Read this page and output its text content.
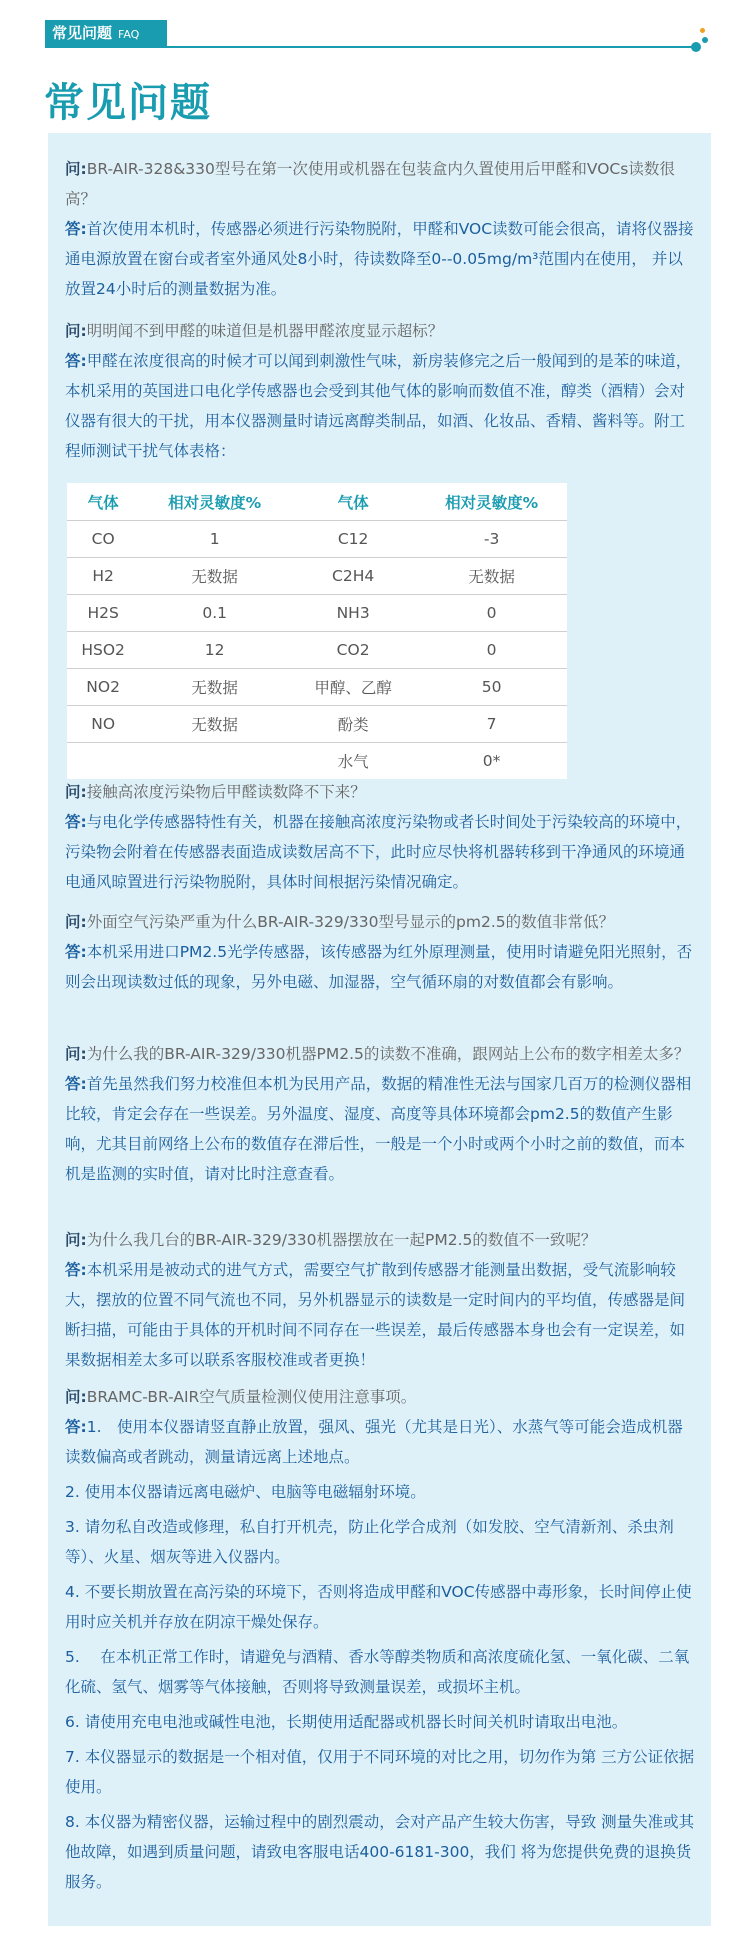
常见问题 FAQ
常见问题
问:BR-AIR-328&330型号在第一次使用或机器在包装盒内久置使用后甲醛和VOCs读数很高？
答:首次使用本机时，传感器必须进行污染物脱附，甲醛和VOC读数可能会很高，请将仪器接通电源放置在窗台或者室外通风处8小时，待读数降至0--0.05mg/m³范围内在使用， 并以放置24小时后的测量数据为准。
问:明明闻不到甲醛的味道但是机器甲醛浓度显示超标？
答:甲醛在浓度很高的时候才可以闻到刺激性气味，新房装修完之后一般闻到的是苯的味道，本机采用的英国进口电化学传感器也会受到其他气体的影响而数值不准，醇类（酒精）会对仪器有很大的干扰，用本仪器测量时请远离醇类制品，如酒、化妆品、香精、酱料等。附工程师测试干扰气体表格：
气体	相对灵敏度%	气体	相对灵敏度%
CO	1	C12	-3
H2	无数据	C2H4	无数据
H2S	0.1	NH3	0
HSO2	12	CO2	0
NO2	无数据	甲醇、乙醇	50
NO	无数据	酚类	7
		水气	0*
问:接触高浓度污染物后甲醛读数降不下来？
答:与电化学传感器特性有关，机器在接触高浓度污染物或者长时间处于污染较高的环境中，污染物会附着在传感器表面造成读数居高不下，此时应尽快将机器转移到干净通风的环境通电通风晾置进行污染物脱附，具体时间根据污染情况确定。
问:外面空气污染严重为什么BR-AIR-329/330型号显示的pm2.5的数值非常低？
答:本机采用进口PM2.5光学传感器，该传感器为红外原理测量，使用时请避免阳光照射，否则会出现读数过低的现象，另外电磁、加湿器，空气循环扇的对数值都会有影响。
问:为什么我的BR-AIR-329/330机器PM2.5的读数不准确，跟网站上公布的数字相差太多？
答:首先虽然我们努力校准但本机为民用产品，数据的精准性无法与国家几百万的检测仪器相比较，肯定会存在一些误差。另外温度、湿度、高度等具体环境都会pm2.5的数值产生影响，尤其目前网络上公布的数值存在滞后性，一般是一个小时或两个小时之前的数值，而本机是监测的实时值，请对比时注意查看。
问:为什么我几台的BR-AIR-329/330机器摆放在一起PM2.5的数值不一致呢？
答:本机采用是被动式的进气方式，需要空气扩散到传感器才能测量出数据，受气流影响较大，摆放的位置不同气流也不同，另外机器显示的读数是一定时间内的平均值，传感器是间断扫描，可能由于具体的开机时间不同存在一些误差，最后传感器本身也会有一定误差，如果数据相差太多可以联系客服校准或者更换！
问:BRAMC-BR-AIR空气质量检测仪使用注意事项。
答:1.　使用本仪器请竖直静止放置，强风、强光（尤其是日光）、水蒸气等可能会造成机器读数偏高或者跳动，测量请远离上述地点。
2. 使用本仪器请远离电磁炉、电脑等电磁辐射环境。
3. 请勿私自改造或修理，私自打开机壳，防止化学合成剂（如发胶、空气清新剂、杀虫剂等）、火星、烟灰等进入仪器内。
4. 不要长期放置在高污染的环境下，否则将造成甲醛和VOC传感器中毒形象，长时间停止使用时应关机并存放在阴凉干燥处保存。
5.　 在本机正常工作时，请避免与酒精、香水等醇类物质和高浓度硫化氢、一氧化碳、二氧化硫、氢气、烟雾等气体接触，否则将导致测量误差，或损坏主机。
6. 请使用充电电池或碱性电池，长期使用适配器或机器长时间关机时请取出电池。
7. 本仪器显示的数据是一个相对值，仅用于不同环境的对比之用，切勿作为第 三方公证依据使用。
8. 本仪器为精密仪器，运输过程中的剧烈震动，会对产品产生较大伤害，导致 测量失准或其他故障，如遇到质量问题，请致电客服电话400-6181-300，我们 将为您提供免费的退换货服务。
